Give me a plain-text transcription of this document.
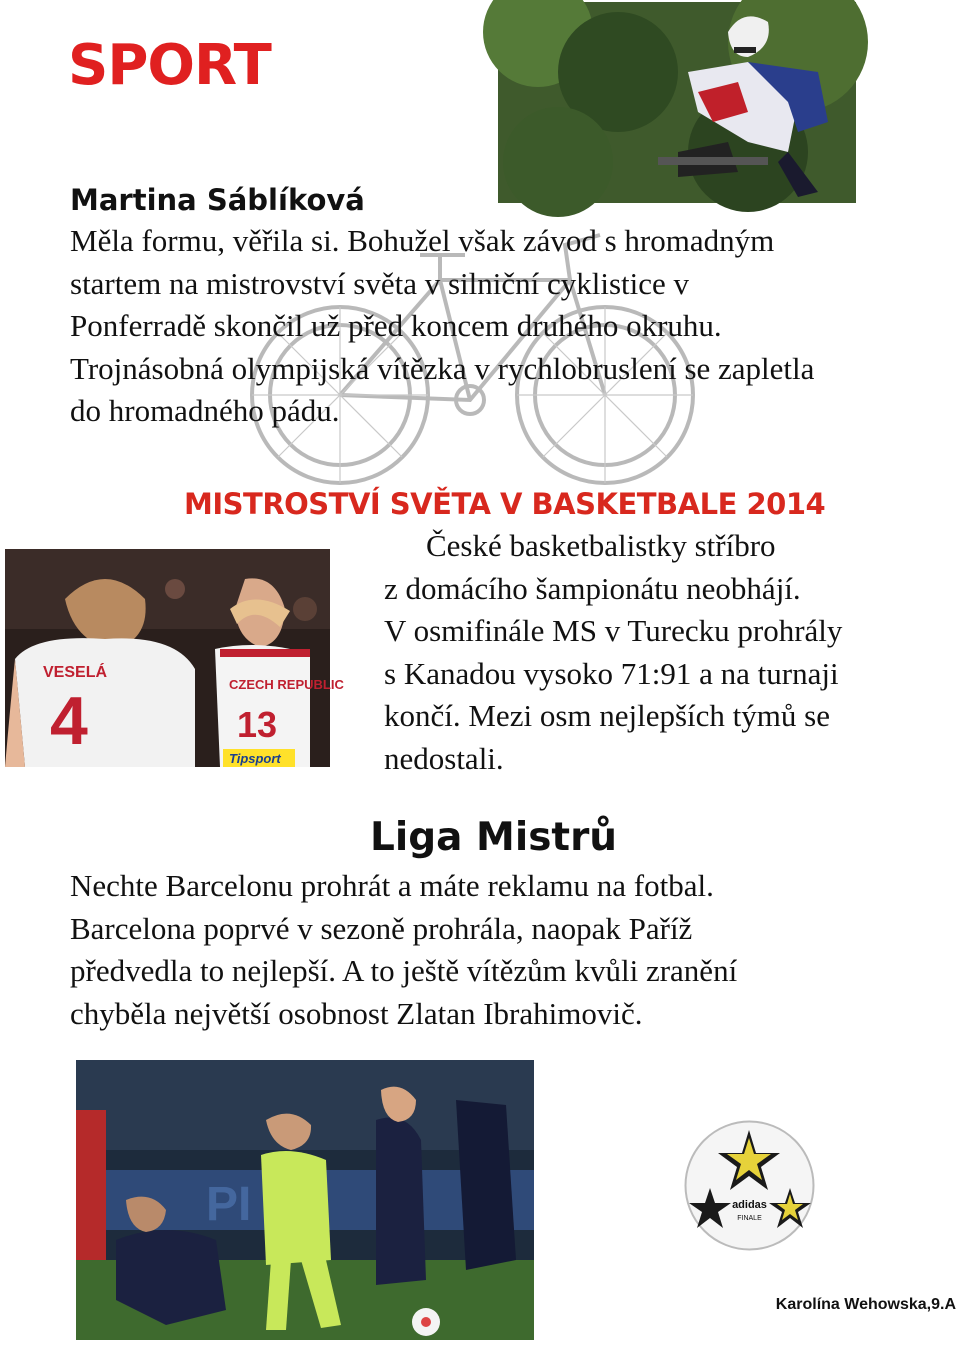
SPORT
Martina Sáblíková

Měla formu, věřila si. Bohužel však závod s hromadným

startem na mistrovství světa v silniční cyklistice v

Ponferradě skončil už před koncem druhého okruhu.

Trojnásobná olympijská vítězka v rychlobruslení se zapletla

do hromadného pádu.

MISTROSTVÍ SVĚTA V BASKETBALE 2014
VESELÁ
4	CZECH REPUBLIC
13
Tipsport

České basketbalistky stříbro

z domácího šampionátu neobhájí.

V osmifinále MS v Turecku prohrály

s Kanadou vysoko 71:91 a na turnaji

končí. Mezi osm nejlepších týmů se

nedostali.

Liga Mistrů

Nechte Barcelonu prohrát a máte reklamu na fotbal.

Barcelona poprvé v sezoně prohrála, naopak Paříž

předvedla to nejlepší. A to ještě vítězům kvůli zranění

chyběla největší osobnost Zlatan Ibrahimovič.

PI	adidas
FINALE
Karolína Wehowska,9.A
